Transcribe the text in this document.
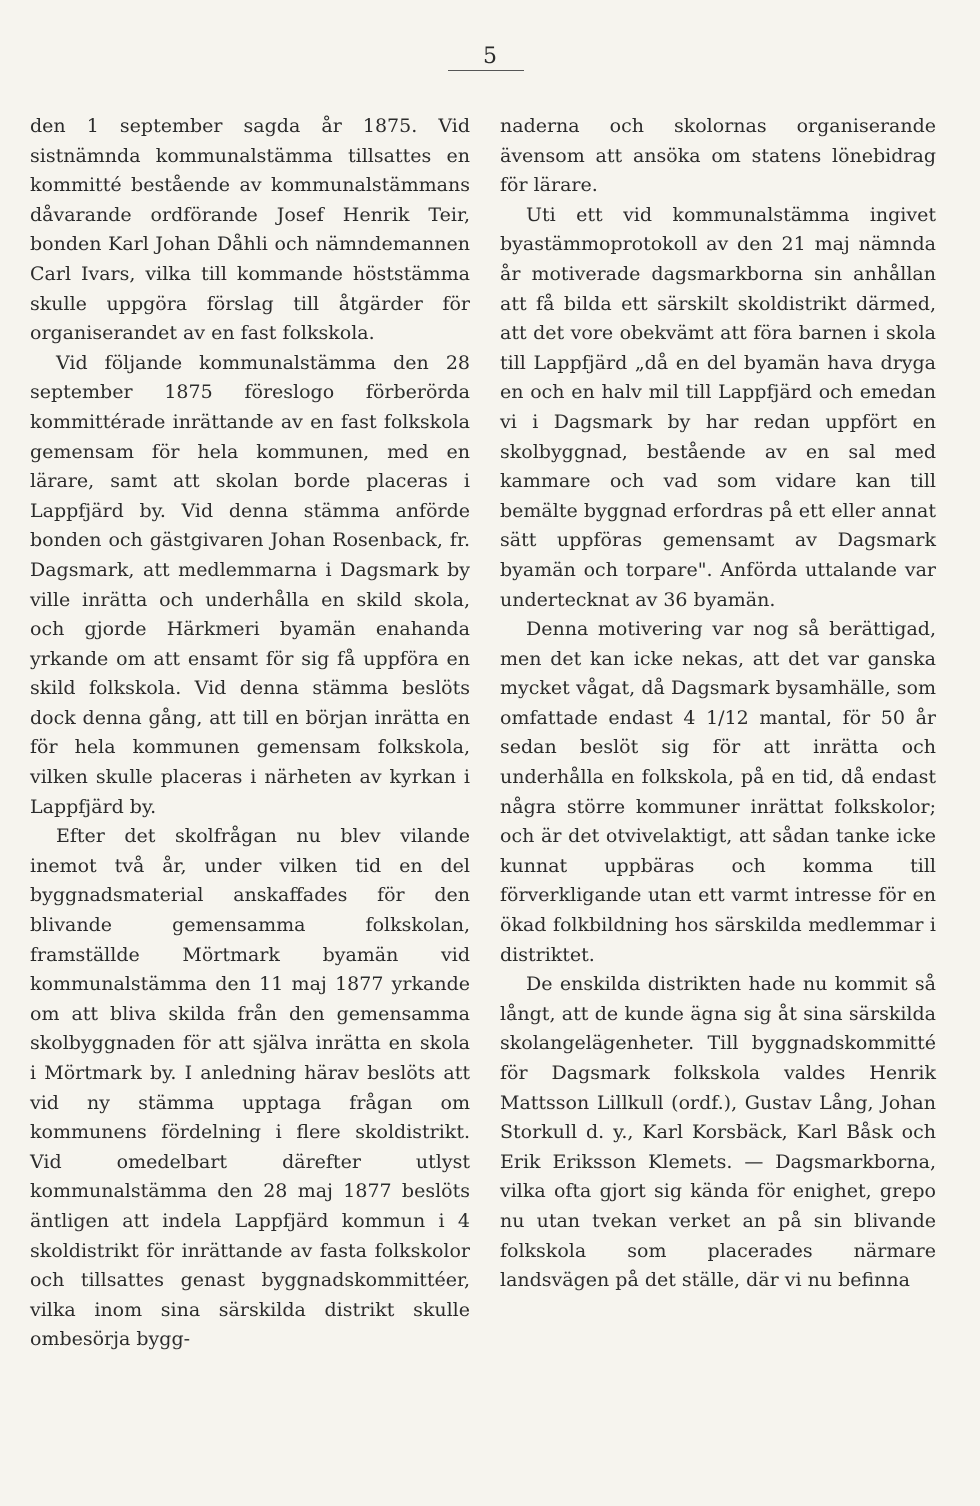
5

den 1 september sagda år 1875. Vid sistnämnda kommunalstämma tillsattes en kommitté bestående av kommunalstämmans dåvarande ordförande Josef Henrik Teir, bonden Karl Johan Dåhli och nämndemannen Carl Ivars, vilka till kommande höststämma skulle uppgöra förslag till åtgärder för organiserandet av en fast folkskola.

Vid följande kommunalstämma den 28 september 1875 föreslogo förberörda kommittérade inrättande av en fast folkskola gemensam för hela kommunen, med en lärare, samt att skolan borde placeras i Lappfjärd by. Vid denna stämma anförde bonden och gästgivaren Johan Rosenback, fr. Dagsmark, att medlemmarna i Dagsmark by ville inrätta och underhålla en skild skola, och gjorde Härkmeri byamän enahanda yrkande om att ensamt för sig få uppföra en skild folkskola. Vid denna stämma beslöts dock denna gång, att till en början inrätta en för hela kommunen gemensam folkskola, vilken skulle placeras i närheten av kyrkan i Lappfjärd by.

Efter det skolfrågan nu blev vilande inemot två år, under vilken tid en del byggnadsmaterial anskaffades för den blivande gemensamma folkskolan, framställde Mörtmark byamän vid kommunalstämma den 11 maj 1877 yrkande om att bliva skilda från den gemensamma skolbyggnaden för att själva inrätta en skola i Mörtmark by. I anledning härav beslöts att vid ny stämma upptaga frågan om kommunens fördelning i flere skoldistrikt. Vid omedelbart därefter utlyst kommunalstämma den 28 maj 1877 beslöts äntligen att indela Lappfjärd kommun i 4 skoldistrikt för inrättande av fasta folkskolor och tillsattes genast byggnadskommittéer, vilka inom sina särskilda distrikt skulle ombesörja bygg-

naderna och skolornas organiserande ävensom att ansöka om statens lönebidrag för lärare.

Uti ett vid kommunalstämma ingivet byastämmoprotokoll av den 21 maj nämnda år motiverade dagsmarkborna sin anhållan att få bilda ett särskilt skoldistrikt därmed, att det vore obekvämt att föra barnen i skola till Lappfjärd „då en del byamän hava dryga en och en halv mil till Lappfjärd och emedan vi i Dagsmark by har redan uppfört en skolbyggnad, bestående av en sal med kammare och vad som vidare kan till bemälte byggnad erfordras på ett eller annat sätt uppföras gemensamt av Dagsmark byamän och torpare". Anförda uttalande var undertecknat av 36 byamän.

Denna motivering var nog så berättigad, men det kan icke nekas, att det var ganska mycket vågat, då Dagsmark bysamhälle, som omfattade endast 4 1/12 mantal, för 50 år sedan beslöt sig för att inrätta och underhålla en folkskola, på en tid, då endast några större kommuner inrättat folkskolor; och är det otvivelaktigt, att sådan tanke icke kunnat uppbäras och komma till förverkligande utan ett varmt intresse för en ökad folkbildning hos särskilda medlemmar i distriktet.

De enskilda distrikten hade nu kommit så långt, att de kunde ägna sig åt sina särskilda skolangelägenheter. Till byggnadskommitté för Dagsmark folkskola valdes Henrik Mattsson Lillkull (ordf.), Gustav Lång, Johan Storkull d. y., Karl Korsbäck, Karl Båsk och Erik Eriksson Klemets. — Dagsmarkborna, vilka ofta gjort sig kända för enighet, grepo nu utan tvekan verket an på sin blivande folkskola som placerades närmare landsvägen på det ställe, där vi nu befinna
